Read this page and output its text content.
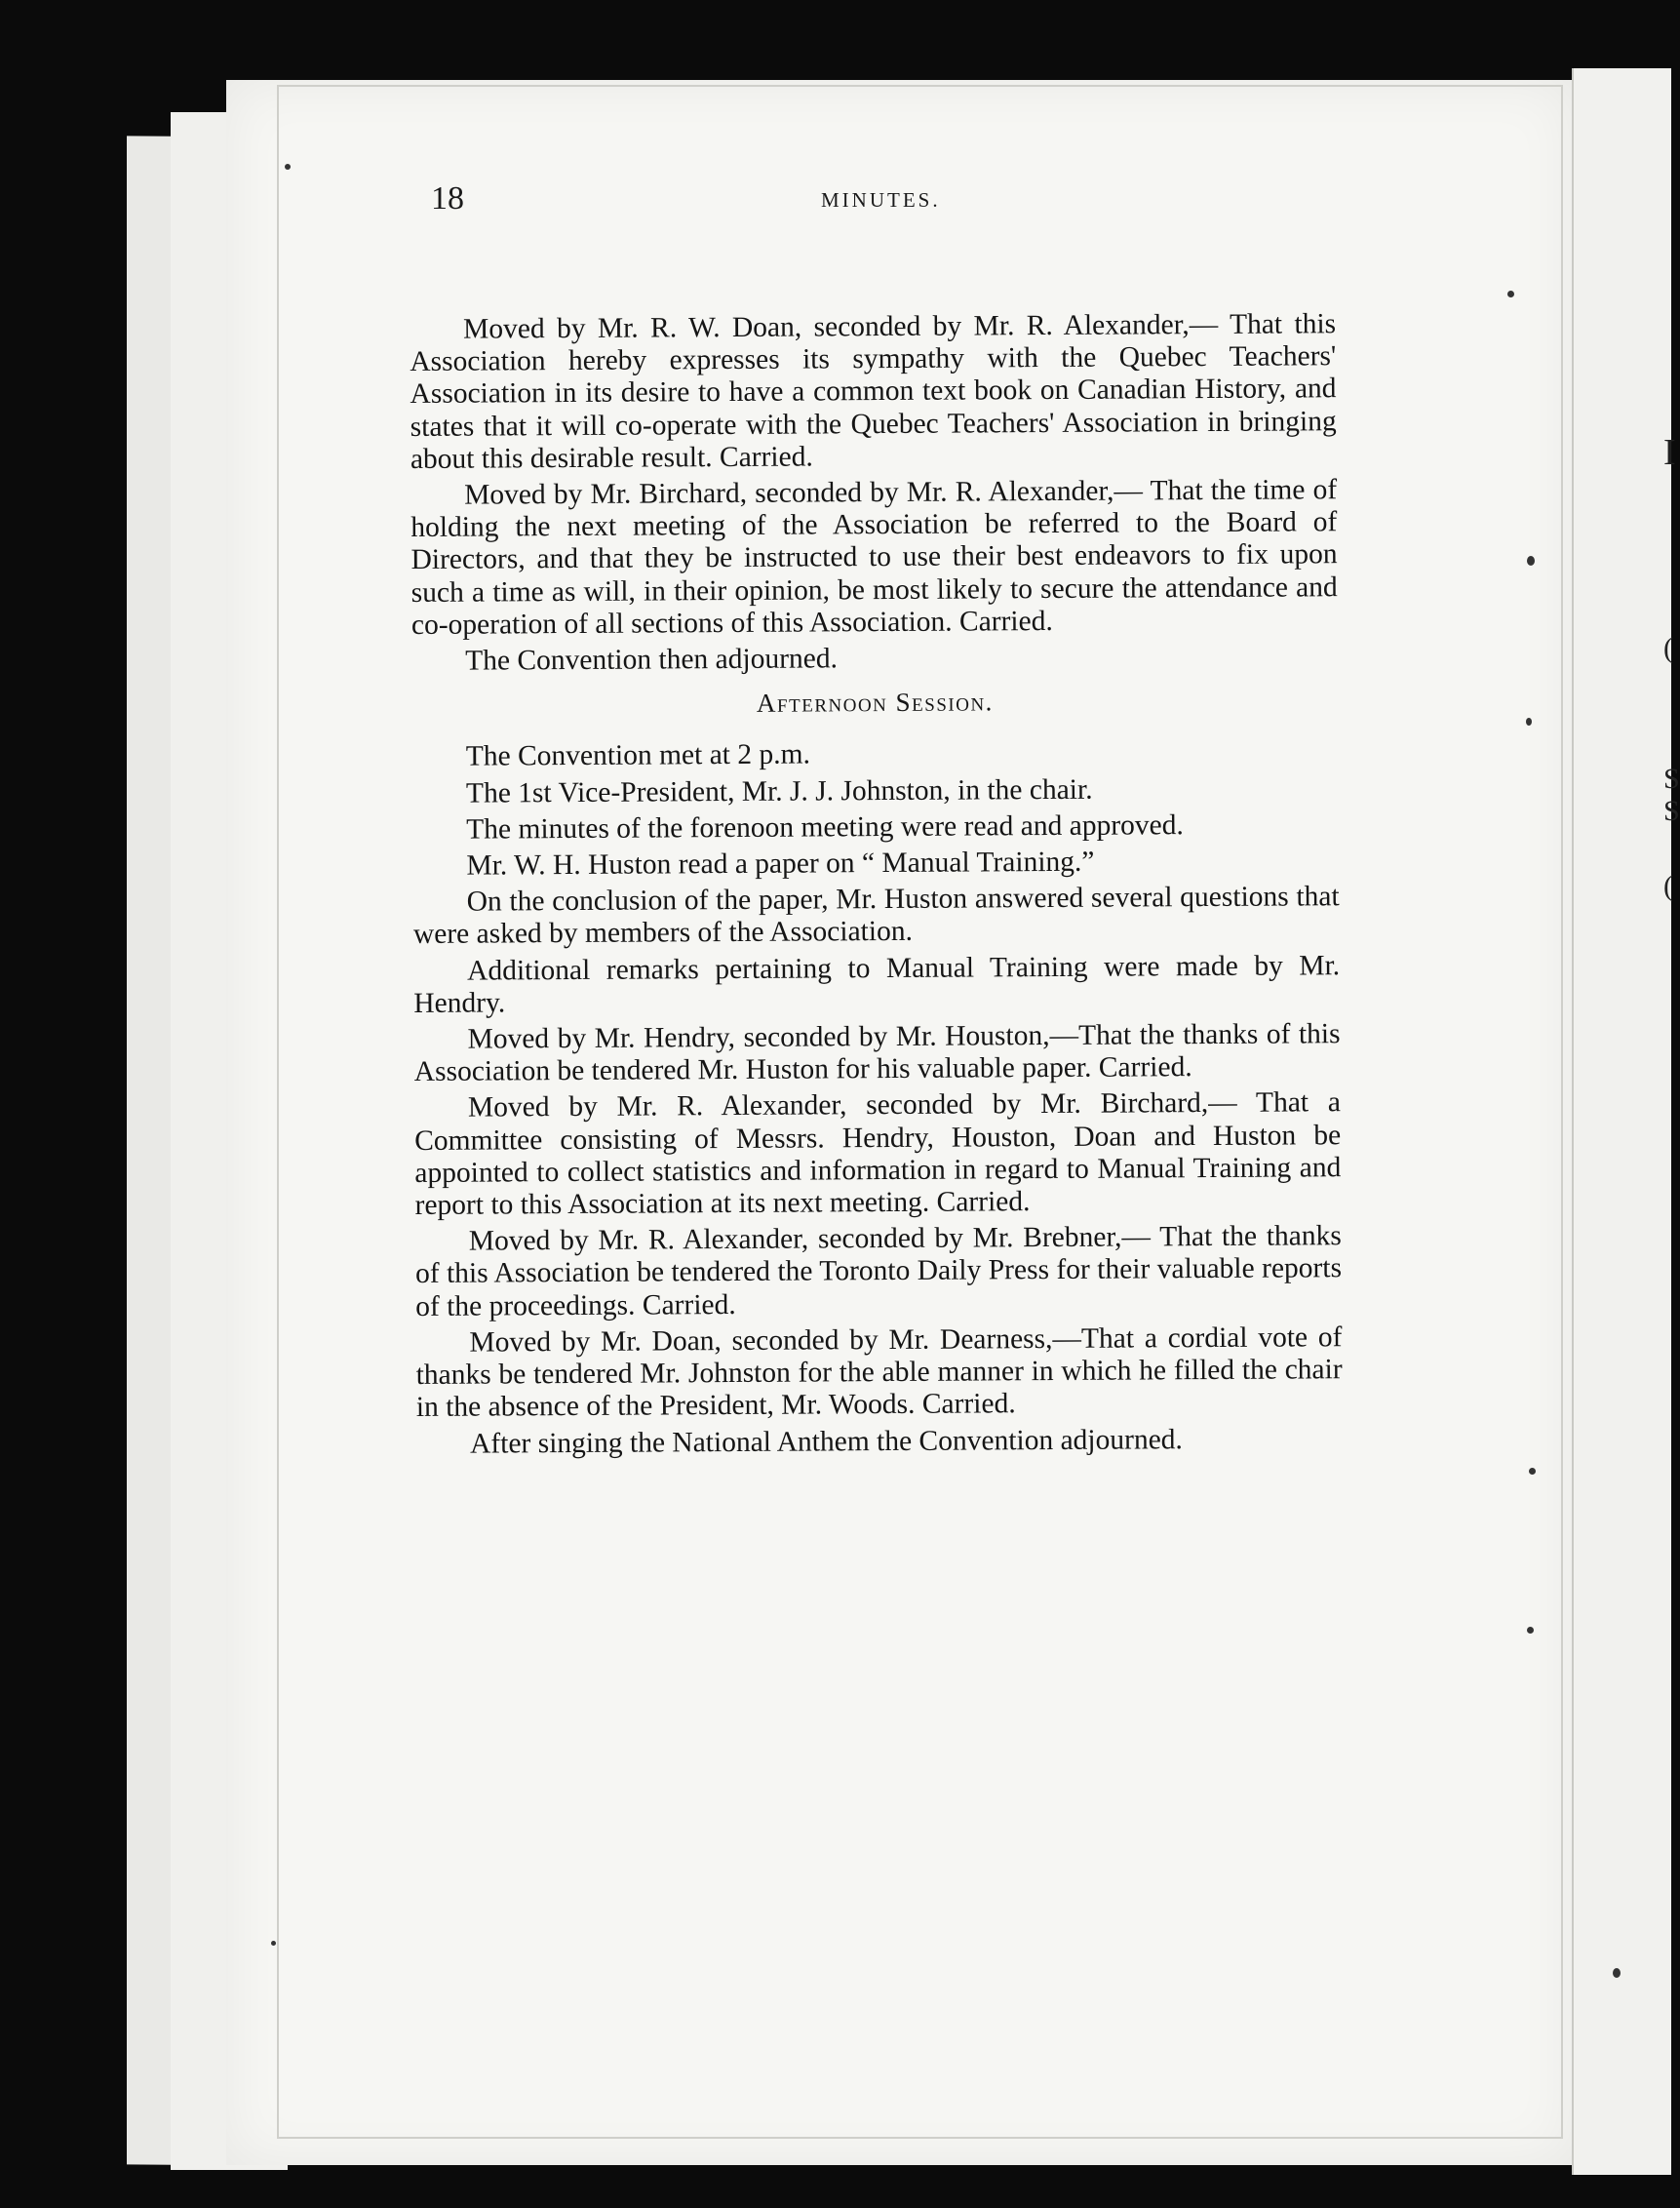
I
(
S
S
(
18	MINUTES.

Moved by Mr. R. W. Doan, seconded by Mr. R. Alexander,— That this Association hereby expresses its sympathy with the Quebec Teachers' Association in its desire to have a common text book on Canadian History, and states that it will co-operate with the Quebec Teachers' Association in bringing about this desirable result. Carried.

Moved by Mr. Birchard, seconded by Mr. R. Alexander,— That the time of holding the next meeting of the Association be referred to the Board of Directors, and that they be instructed to use their best endeavors to fix upon such a time as will, in their opinion, be most likely to secure the attendance and co-operation of all sections of this Association. Carried.

The Convention then adjourned.

Afternoon Session.

The Convention met at 2 p.m.

The 1st Vice-President, Mr. J. J. Johnston, in the chair.

The minutes of the forenoon meeting were read and approved.

Mr. W. H. Huston read a paper on “ Manual Training.”

On the conclusion of the paper, Mr. Huston answered several questions that were asked by members of the Association.

Additional remarks pertaining to Manual Training were made by Mr. Hendry.

Moved by Mr. Hendry, seconded by Mr. Houston,—That the thanks of this Association be tendered Mr. Huston for his valuable paper. Carried.

Moved by Mr. R. Alexander, seconded by Mr. Birchard,— That a Committee consisting of Messrs. Hendry, Houston, Doan and Huston be appointed to collect statistics and information in regard to Manual Training and report to this Association at its next meeting. Carried.

Moved by Mr. R. Alexander, seconded by Mr. Brebner,— That the thanks of this Association be tendered the Toronto Daily Press for their valuable reports of the proceedings. Carried.

Moved by Mr. Doan, seconded by Mr. Dearness,—That a cordial vote of thanks be tendered Mr. Johnston for the able manner in which he filled the chair in the absence of the President, Mr. Woods. Carried.

After singing the National Anthem the Convention adjourned.
